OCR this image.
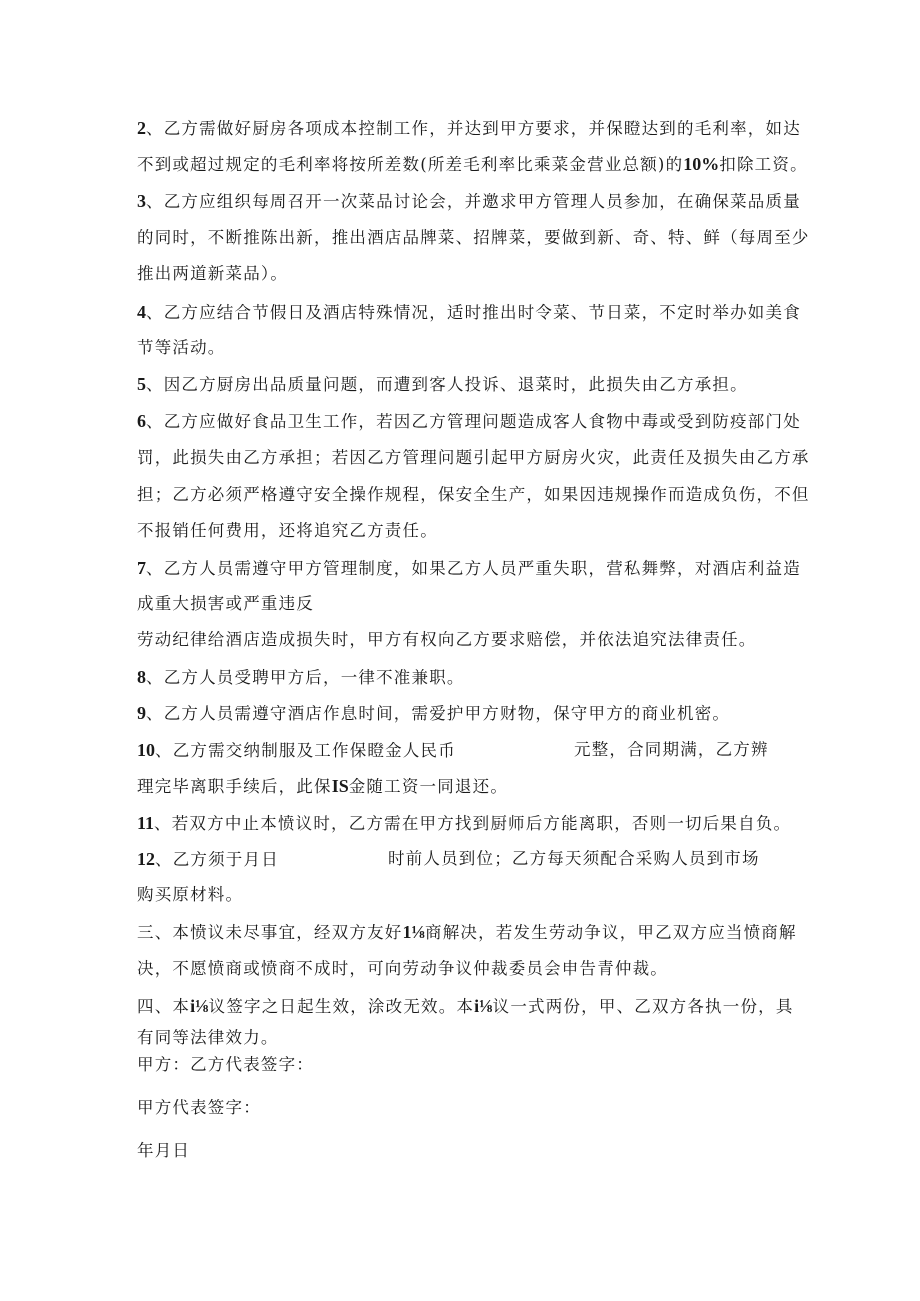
2、乙方需做好厨房各项成本控制工作，并达到甲方要求，并保瞪达到的毛利率，如达
不到或超过规定的毛利率将按所差数(所差毛利率比乘菜金营业总额)的10%扣除工资。
3、乙方应组织每周召开一次菜品讨论会，并邀求甲方管理人员参加，在确保菜品质量
的同时，不断推陈出新，推出酒店品牌菜、招牌菜，要做到新、奇、特、鲜（每周至少
推出两道新菜品）。
4、乙方应结合节假日及酒店特殊情况，适时推出时令菜、节日菜，不定时举办如美食
节等活动。
5、因乙方厨房出品质量问题，而遭到客人投诉、退菜时，此损失由乙方承担。
6、乙方应做好食品卫生工作，若因乙方管理问题造成客人食物中毒或受到防疫部门处
罚，此损失由乙方承担；若因乙方管理问题引起甲方厨房火灾，此责任及损失由乙方承
担；乙方必须严格遵守安全操作规程，保安全生产，如果因违规操作而造成负伤，不但
不报销任何费用，还将追究乙方责任。
7、乙方人员需遵守甲方管理制度，如果乙方人员严重失职，营私舞弊，对酒店利益造
成重大损害或严重违反
劳动纪律给酒店造成损失时，甲方有权向乙方要求赔偿，并依法追究法律责任。
8、乙方人员受聘甲方后，一律不准兼职。
9、乙方人员需遵守酒店作息时间，需爱护甲方财物，保守甲方的商业机密。
10、乙方需交纳制服及工作保瞪金人民币	元整，合同期满，乙方辨
理完毕离职手续后，此保IS金随工资一同退还。
11、若双方中止本愤议时，乙方需在甲方找到厨师后方能离职，否则一切后果自负。
12、乙方须于月日	时前人员到位；乙方每天须配合采购人员到市场
购买原材料。
三、本愤议未尽事宜，经双方友好1⅛商解决，若发生劳动争议，甲乙双方应当愤商解
决，不愿愤商或愤商不成时，可向劳动争议仲裁委员会申告青仲裁。
四、本i⅛议签字之日起生效，涂改无效。本i⅛议一式两份，甲、乙双方各执一份，具
有同等法律效力。
甲方：乙方代表签字：
甲方代表签字：
年月日
